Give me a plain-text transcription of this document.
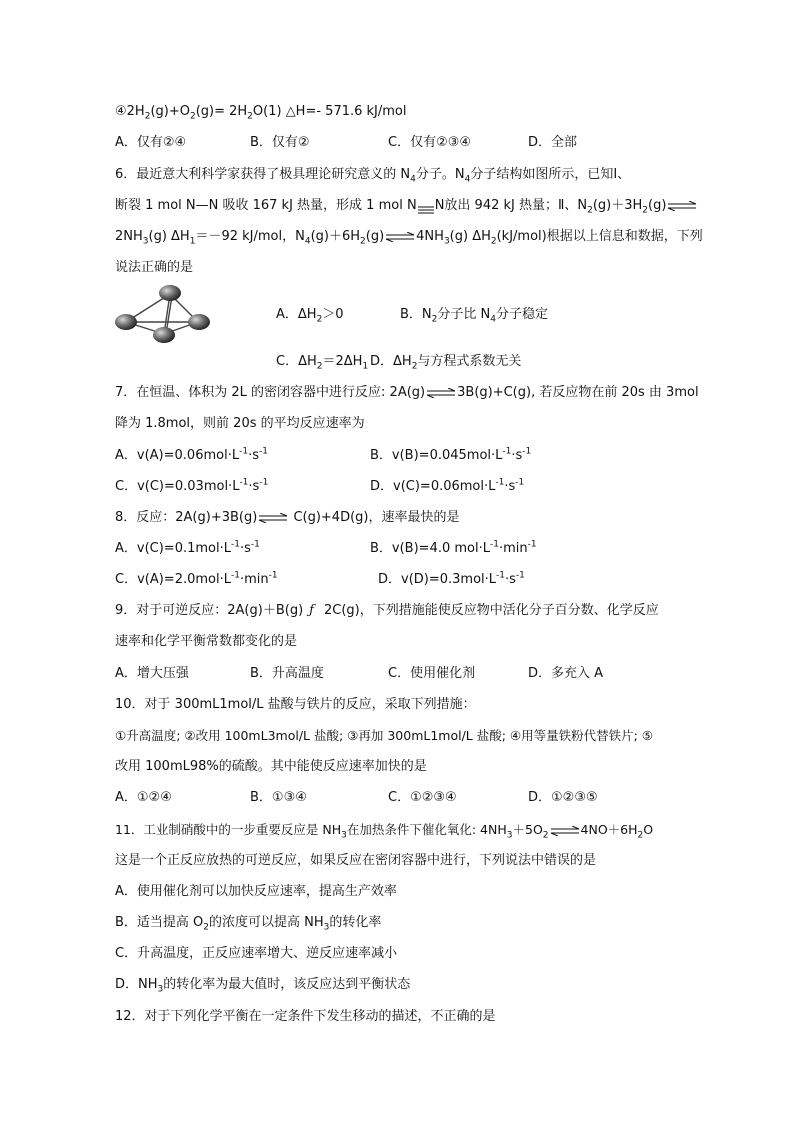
$④2H_2(g)+O_2(g)= 2H_2O(1)$ △H=- 571.6 kJ/mol
A．仅有②④	B．仅有②	C．仅有②③④	D．全部
6．最近意大利科学家获得了极具理论研究意义的 $N_4$分子。$N_4$分子结构如图所示，已知Ⅰ、
断裂 1 mol N—N 吸收 167 kJ 热量，形成 1 mol N N放出 942 kJ 热量；Ⅱ、$N_2(g)+3H_2(g)\rightleftharpoons$
$2NH_3(g)$ $\Delta H_1=-92$ kJ/mol，$N_4(g)+6H_2(g)\rightleftharpoons 4NH_3(g)$ $\Delta H_2(kJ/mol)$根据以上信息和数据，下列
说法正确的是
A．$\Delta H_2>0$	B．$N_2$分子比 $N_4$分子稳定
C．$\Delta H_2=2\Delta H_1$ D．$\Delta H_2$与方程式系数无关
7．在恒温、体积为 2L 的密闭容器中进行反应: 2A(g)⇌3B(g)+C(g), 若反应物在前 20s 由 3mol
降为 1.8mol，则前 20s 的平均反应速率为
A．$v(A)=0.06mol\cdot L^{-1}\cdot s^{-1}$	B．$v(B)=0.045mol\cdot L^{-1}\cdot s^{-1}$
C．$v(C)=0.03mol\cdot L^{-1}\cdot s^{-1}$	D．$v(C)=0.06mol\cdot L^{-1}\cdot s^{-1}$
8．反应：2A(g)+3B(g)⇌ C(g)+4D(g)，速率最快的是
A．$v(C)=0.1mol\cdot L^{-1}\cdot s^{-1}$	B．v(B)=4.0 $mol\cdot L^{-1}\cdot\min^{-1}$
C．$v(A)=2.0mol\cdot L^{-1}\cdot\min^{-1}$	D．$v(D)=0.3mol\cdot L^{-1}\cdot s^{-1}$
9．对于可逆反应：2A(g)＋B(g) ƒ 2C(g)，下列措施能使反应物中活化分子百分数、化学反应
速率和化学平衡常数都变化的是
A．增大压强	B．升高温度	C．使用催化剂	D．多充入 A
10．对于 300mL1mol/L 盐酸与铁片的反应，采取下列措施：
①升高温度; ②改用 100mL3mol/L 盐酸; ③再加 300mL1mol/L 盐酸; ④用等量铁粉代替铁片; ⑤
改用 100mL98%的硫酸。其中能使反应速率加快的是
A．①②④	B．①③④	C．①②③④	D．①②③⑤
11．工业制硝酸中的一步重要反应是 $NH_3$在加热条件下催化氧化: $4NH_3+5O_2\rightleftharpoons 4NO+6H_2O$
这是一个正反应放热的可逆反应，如果反应在密闭容器中进行，下列说法中错误的是
A．使用催化剂可以加快反应速率，提高生产效率
B．适当提高 $O_2$的浓度可以提高 $NH_3$的转化率
C．升高温度，正反应速率增大、逆反应速率减小
D．$NH_3$的转化率为最大值时，该反应达到平衡状态
12．对于下列化学平衡在一定条件下发生移动的描述，不正确的是
